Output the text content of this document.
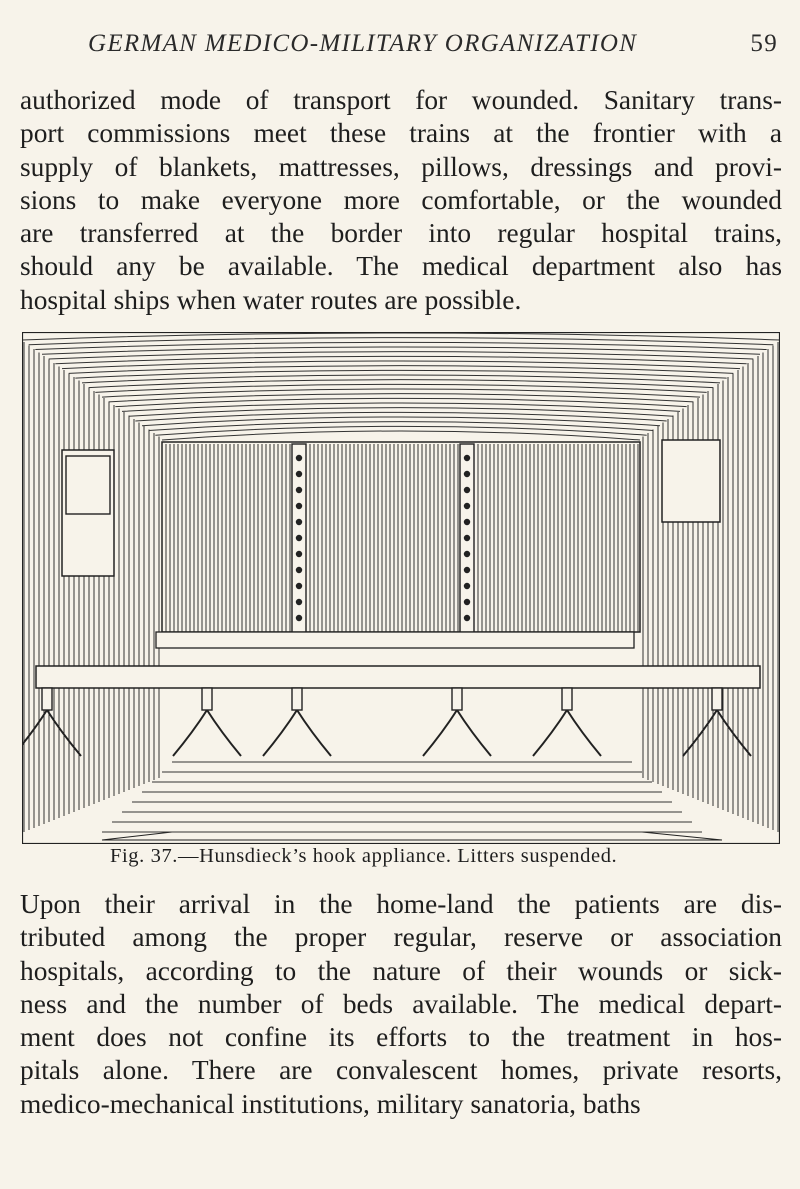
GERMAN MEDICO-MILITARY ORGANIZATION	59
authorized mode of transport for wounded. Sanitary trans-
port commissions meet these trains at the frontier with a
supply of blankets, mattresses, pillows, dressings and provi-
sions to make everyone more comfortable, or the wounded
are transferred at the border into regular hospital trains,
should any be available. The medical department also has
hospital ships when water routes are possible.
Fig. 37.—Hunsdieck’s hook appliance. Litters suspended.
Upon their arrival in the home-land the patients are dis-
tributed among the proper regular, reserve or association
hospitals, according to the nature of their wounds or sick-
ness and the number of beds available. The medical depart-
ment does not confine its efforts to the treatment in hos-
pitals alone. There are convalescent homes, private resorts,
medico-mechanical institutions, military sanatoria, baths
